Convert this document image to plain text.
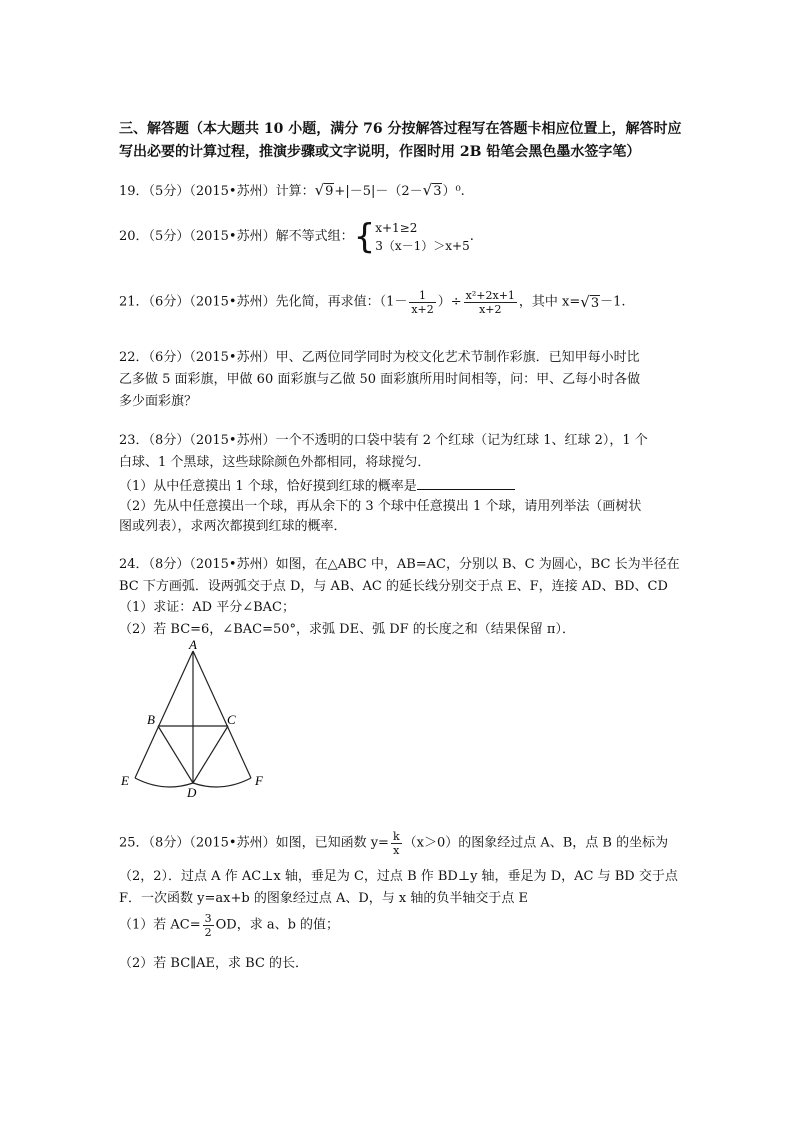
三、解答题（本大题共 10 小题，满分 76 分按解答过程写在答题卡相应位置上，解答时应
写出必要的计算过程，推演步骤或文字说明，作图时用 2B 铅笔会黑色墨水签字笔）
19．（5分）（2015•苏州）计算：√9+|－5|－（2－√3）⁰.
20．（5分）（2015•苏州）解不等式组：{ x+1≥2
3（x－1）＞x+5
.
21．（6分）（2015•苏州）先化简，再求值：（$1- \frac{1}{x+2}$ ）÷ $\frac{\text{x²+2x+1}}{x+2}$ ，其中 x=√3－1.
22．（6分）（2015•苏州）甲、乙两位同学同时为校文化艺术节制作彩旗．已知甲每小时比
乙多做 5 面彩旗，甲做 60 面彩旗与乙做 50 面彩旗所用时间相等，问：甲、乙每小时各做
多少面彩旗？
23．（8分）（2015•苏州）一个不透明的口袋中装有 2 个红球（记为红球 1、红球 2），1 个
白球、1 个黑球，这些球除颜色外都相同，将球搅匀．
（1）从中任意摸出 1 个球，恰好摸到红球的概率是
（2）先从中任意摸出一个球，再从余下的 3 个球中任意摸出 1 个球，请用列举法（画树状
图或列表），求两次都摸到红球的概率．
24．（8分）（2015•苏州）如图，在△ABC 中，AB=AC，分别以 B、C 为圆心，BC 长为半径在
BC 下方画弧．设两弧交于点 D，与 AB、AC 的延长线分别交于点 E、F，连接 AD、BD、CD
（1）求证：AD 平分∠BAC；
（2）若 BC=6，∠BAC=50°，求弧 DE、弧 DF 的长度之和（结果保留 π）．
A
B	C
D
E	F
25．（8分）（2015•苏州）如图，已知函数 $y= \frac{k}{x} (x>0)$的图象经过点 A、B，点 B 的坐标为
（2，2）．过点 A 作 AC⊥x 轴，垂足为 C，过点 B 作 BD⊥y 轴，垂足为 D，AC 与 BD 交于点
F．一次函数 y=ax+b 的图象经过点 A、D，与 x 轴的负半轴交于点 E
（1）若 $AC= \frac{3}{2}$ OD，求 a、b 的值；
（2）若 BC∥AE，求 BC 的长．
